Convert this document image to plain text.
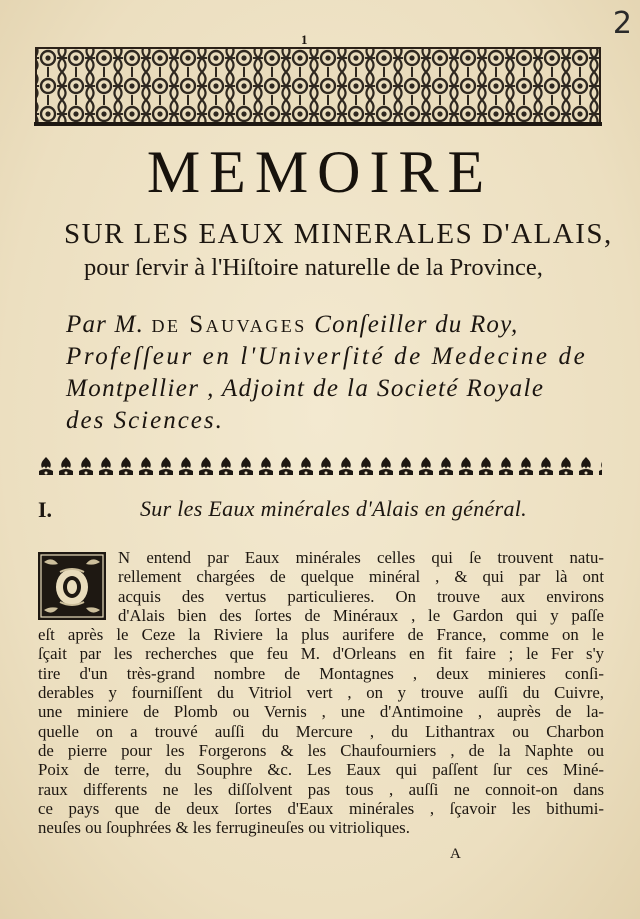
1	2
MEMOIRE
SUR LES EAUX MINERALES D'ALAIS,
pour ſervir à l'Hiſtoire naturelle de la Province,
Par M. de Sauvages Conſeiller du Roy,
Profeſſeur en l'Univerſité de Medecine de
Montpellier , Adjoint de la Societé Royale
des Sciences.
I.	Sur les Eaux minérales d'Alais en général.
N entend par Eaux minérales celles qui ſe trouvent natu-
rellement chargées de quelque minéral , & qui par là ont
acquis des vertus particulieres. On trouve aux environs
d'Alais bien des ſortes de Minéraux , le Gardon qui y paſſe
eſt après le Ceze la Riviere la plus aurifere de France, comme on le
ſçait par les recherches que feu M. d'Orleans en fit faire ; le Fer s'y
tire d'un très-grand nombre de Montagnes , deux minieres conſi-
derables y fourniſſent du Vitriol vert , on y trouve auſſi du Cuivre,
une miniere de Plomb ou Vernis , une d'Antimoine , auprès de la-
quelle on a trouvé auſſi du Mercure , du Lithantrax ou Charbon
de pierre pour les Forgerons & les Chaufourniers , de la Naphte ou
Poix de terre, du Souphre &c. Les Eaux qui paſſent ſur ces Miné-
raux differents ne les diſſolvent pas tous , auſſi ne connoit-on dans
ce pays que de deux ſortes d'Eaux minérales , ſçavoir les bithumi-
neuſes ou ſouphrées & les ferrugineuſes ou vitrioliques.
A
